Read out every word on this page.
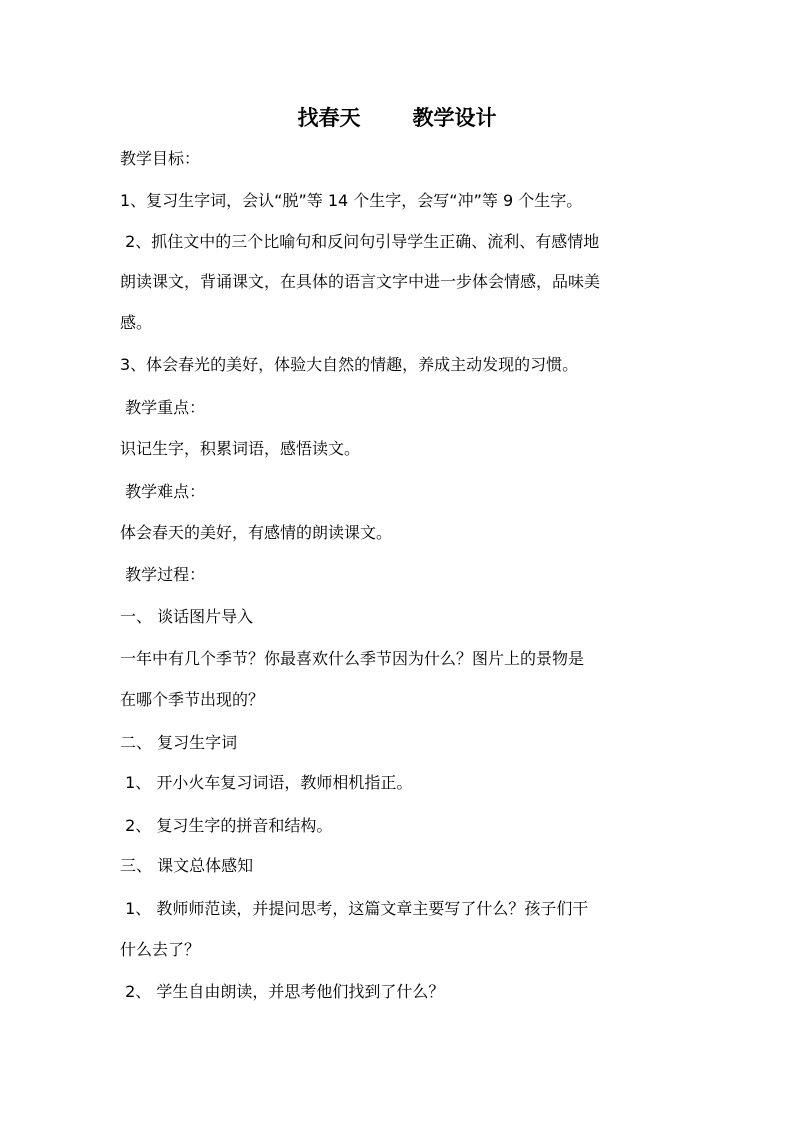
找春天 教学设计
教学目标：
1、复习生字词，会认“脱”等 14 个生字，会写“冲”等 9 个生字。
2、抓住文中的三个比喻句和反问句引导学生正确、流利、有感情地
朗读课文，背诵课文，在具体的语言文字中进一步体会情感，品味美
感。
3、体会春光的美好，体验大自然的情趣，养成主动发现的习惯。
教学重点：
识记生字，积累词语，感悟读文。
教学难点：
体会春天的美好，有感情的朗读课文。
教学过程：
一、 谈话图片导入
一年中有几个季节？你最喜欢什么季节因为什么？图片上的景物是
在哪个季节出现的？
二、 复习生字词
1、 开小火车复习词语，教师相机指正。
2、 复习生字的拼音和结构。
三、 课文总体感知
1、 教师师范读，并提问思考，这篇文章主要写了什么？孩子们干
什么去了？
2、 学生自由朗读，并思考他们找到了什么？
